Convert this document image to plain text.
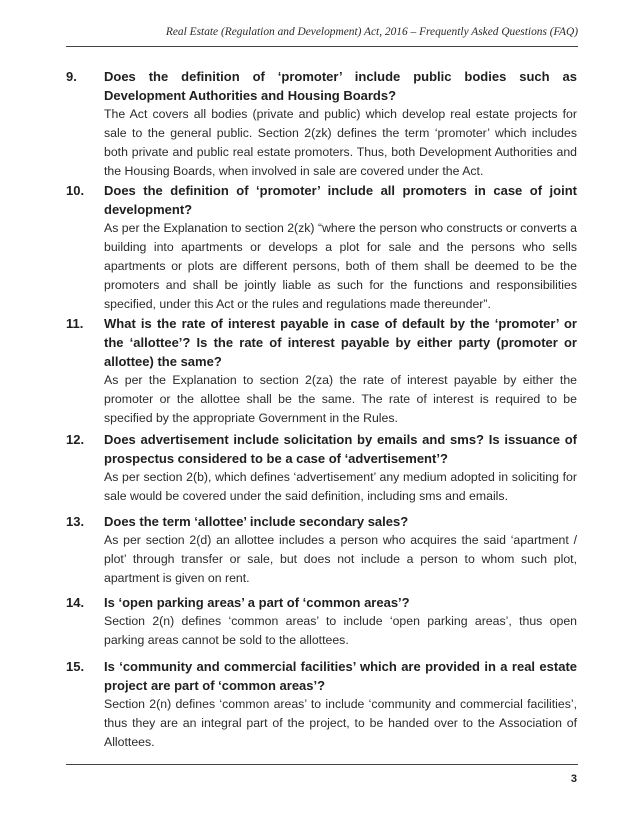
Real Estate (Regulation and Development) Act, 2016 – Frequently Asked Questions (FAQ)
9. Does the definition of ‘promoter’ include public bodies such as Development Authorities and Housing Boards?

The Act covers all bodies (private and public) which develop real estate projects for sale to the general public. Section 2(zk) defines the term ‘promoter’ which includes both private and public real estate promoters. Thus, both Development Authorities and the Housing Boards, when involved in sale are covered under the Act.

10. Does the definition of ‘promoter’ include all promoters in case of joint development?

As per the Explanation to section 2(zk) “where the person who constructs or converts a building into apartments or develops a plot for sale and the persons who sells apartments or plots are different persons, both of them shall be deemed to be the promoters and shall be jointly liable as such for the functions and responsibilities specified, under this Act or the rules and regulations made thereunder”.

11. What is the rate of interest payable in case of default by the ‘promoter’ or the ‘allottee’? Is the rate of interest payable by either party (promoter or allottee) the same?

As per the Explanation to section 2(za) the rate of interest payable by either the promoter or the allottee shall be the same. The rate of interest is required to be specified by the appropriate Government in the Rules.

12. Does advertisement include solicitation by emails and sms? Is issuance of prospectus considered to be a case of ‘advertisement’?

As per section 2(b), which defines ‘advertisement’ any medium adopted in soliciting for sale would be covered under the said definition, including sms and emails.

13. Does the term ‘allottee’ include secondary sales?

As per section 2(d) an allottee includes a person who acquires the said ‘apartment / plot’ through transfer or sale, but does not include a person to whom such plot, apartment is given on rent.

14. Is ‘open parking areas’ a part of ‘common areas’?

Section 2(n) defines ‘common areas’ to include ‘open parking areas’, thus open parking areas cannot be sold to the allottees.

15. Is ‘community and commercial facilities’ which are provided in a real estate project are part of ‘common areas’?

Section 2(n) defines ‘common areas’ to include ‘community and commercial facilities’, thus they are an integral part of the project, to be handed over to the Association of Allottees.

3
